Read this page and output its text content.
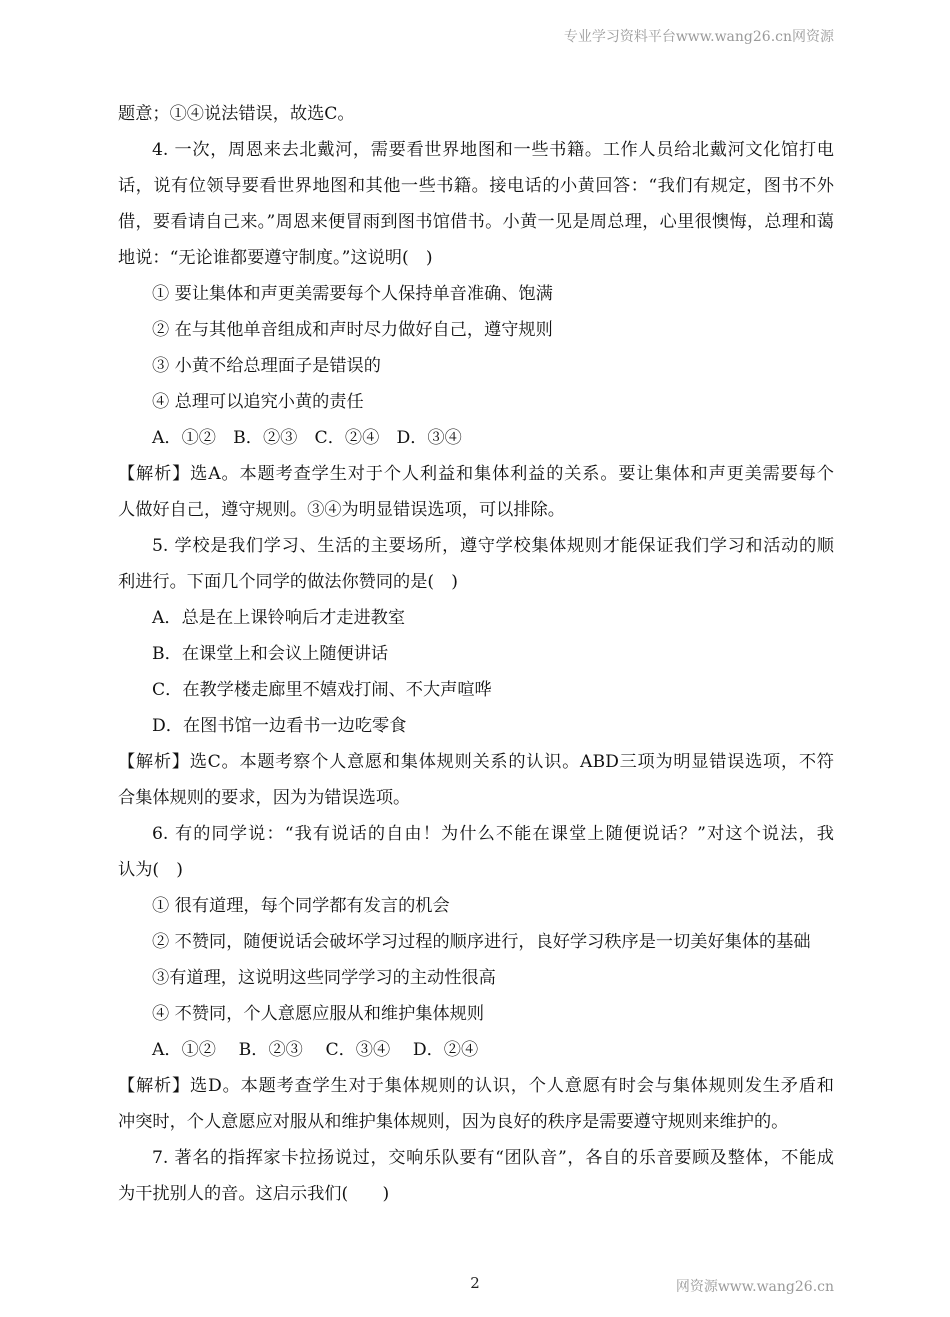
专业学习资料平台www.wang26.cn网资源
题意；①④说法错误，故选C。
4. 一次，周恩来去北戴河，需要看世界地图和一些书籍。工作人员给北戴河文化馆打电
话，说有位领导要看世界地图和其他一些书籍。接电话的小黄回答：“我们有规定，图书不外
借，要看请自己来。”周恩来便冒雨到图书馆借书。小黄一见是周总理，心里很懊悔，总理和蔼
地说：“无论谁都要遵守制度。”这说明(　)
① 要让集体和声更美需要每个人保持单音准确、饱满
② 在与其他单音组成和声时尽力做好自己，遵守规则
③ 小黄不给总理面子是错误的
④ 总理可以追究小黄的责任
A．①②　B．②③　C．②④　D．③④
【解析】选A。本题考查学生对于个人利益和集体利益的关系。要让集体和声更美需要每个
人做好自己，遵守规则。③④为明显错误选项，可以排除。
5. 学校是我们学习、生活的主要场所，遵守学校集体规则才能保证我们学习和活动的顺
利进行。下面几个同学的做法你赞同的是(　)
A．总是在上课铃响后才走进教室
B．在课堂上和会议上随便讲话
C．在教学楼走廊里不嬉戏打闹、不大声喧哗
D．在图书馆一边看书一边吃零食
【解析】选C。本题考察个人意愿和集体规则关系的认识。ABD三项为明显错误选项，不符
合集体规则的要求，因为为错误选项。
6. 有的同学说：“我有说话的自由！为什么不能在课堂上随便说话？”对这个说法，我
认为(　)
① 很有道理，每个同学都有发言的机会
② 不赞同，随便说话会破坏学习过程的顺序进行，良好学习秩序是一切美好集体的基础
③有道理，这说明这些同学学习的主动性很高
④ 不赞同，个人意愿应服从和维护集体规则
A．①②　 B．②③　 C．③④　 D．②④
【解析】选D。本题考查学生对于集体规则的认识，个人意愿有时会与集体规则发生矛盾和
冲突时，个人意愿应对服从和维护集体规则，因为良好的秩序是需要遵守规则来维护的。
7. 著名的指挥家卡拉扬说过，交响乐队要有“团队音”，各自的乐音要顾及整体，不能成
为干扰别人的音。这启示我们(　　)
2	网资源www.wang26.cn
